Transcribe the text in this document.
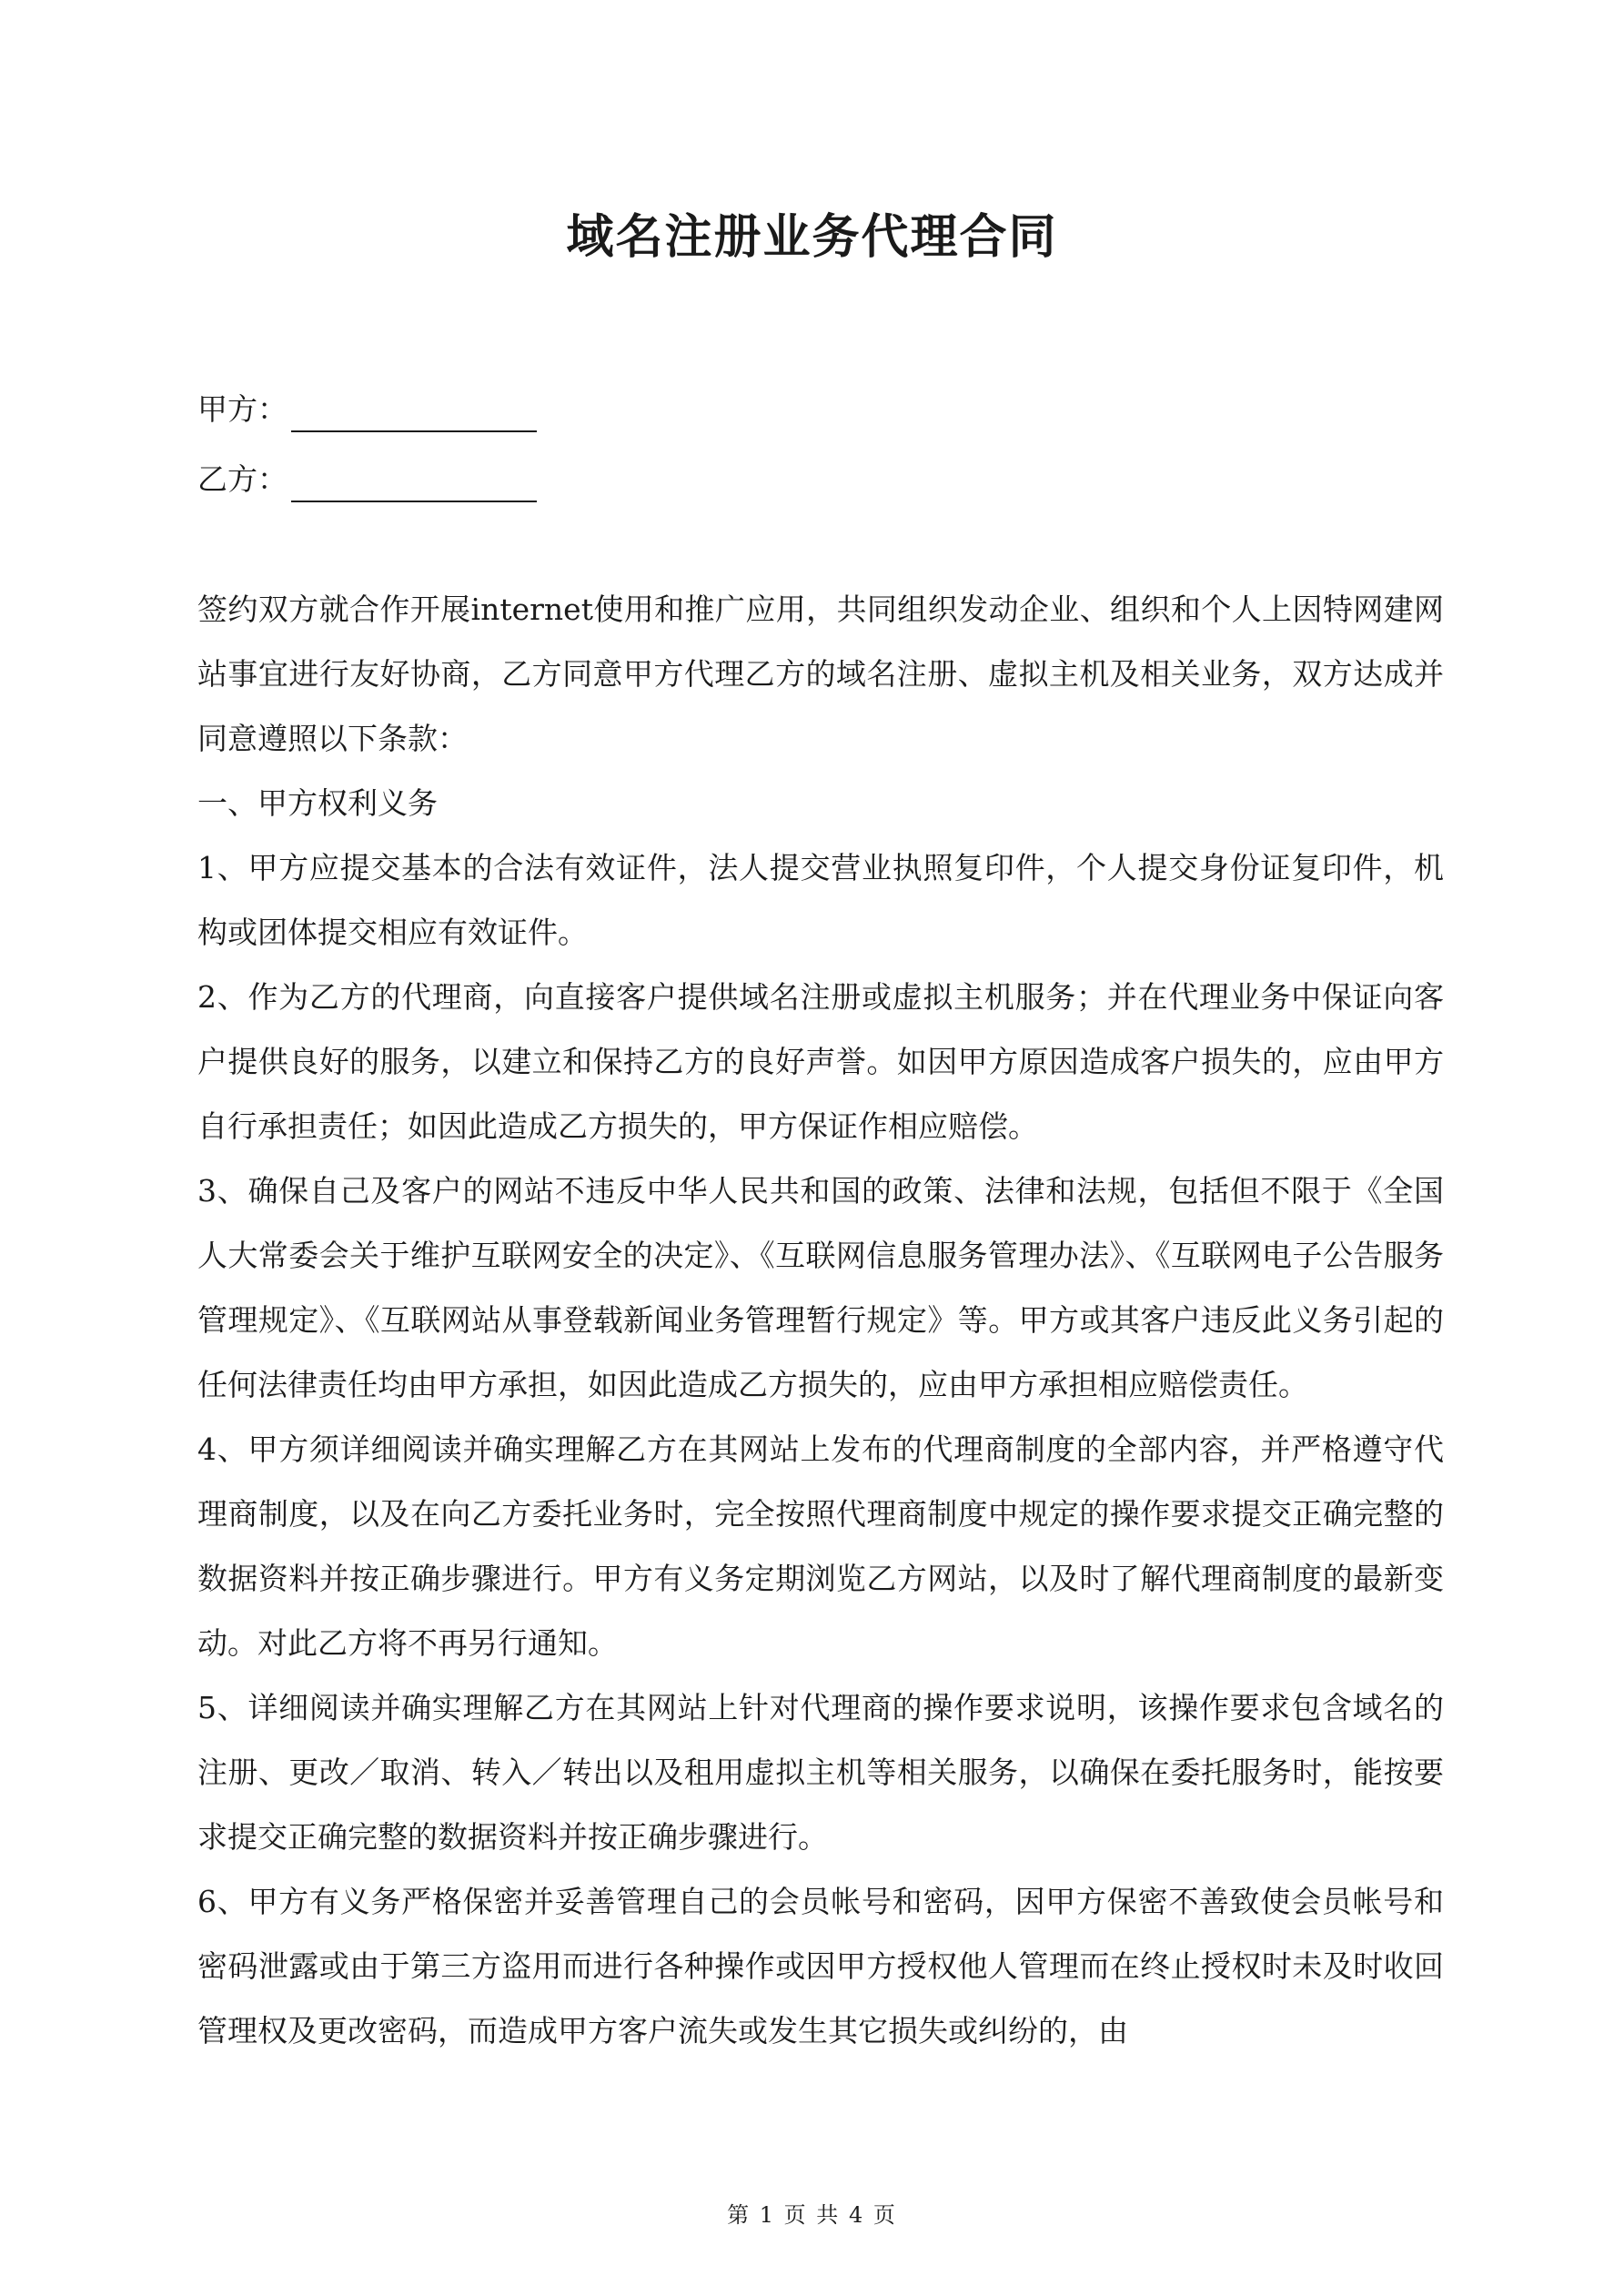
域名注册业务代理合同
甲方：
乙方：

签约双方就合作开展internet使用和推广应用，共同组织发动企业、组织和个人上因特网建网站事宜进行友好协商，乙方同意甲方代理乙方的域名注册、虚拟主机及相关业务，双方达成并同意遵照以下条款：

一、甲方权利义务

1、甲方应提交基本的合法有效证件，法人提交营业执照复印件，个人提交身份证复印件，机构或团体提交相应有效证件。

2、作为乙方的代理商，向直接客户提供域名注册或虚拟主机服务；并在代理业务中保证向客户提供良好的服务，以建立和保持乙方的良好声誉。如因甲方原因造成客户损失的，应由甲方自行承担责任；如因此造成乙方损失的，甲方保证作相应赔偿。

3、确保自己及客户的网站不违反中华人民共和国的政策、法律和法规，包括但不限于《全国人大常委会关于维护互联网安全的决定》、《互联网信息服务管理办法》、《互联网电子公告服务管理规定》、《互联网站从事登载新闻业务管理暂行规定》等。甲方或其客户违反此义务引起的任何法律责任均由甲方承担，如因此造成乙方损失的，应由甲方承担相应赔偿责任。

4、甲方须详细阅读并确实理解乙方在其网站上发布的代理商制度的全部内容，并严格遵守代理商制度，以及在向乙方委托业务时，完全按照代理商制度中规定的操作要求提交正确完整的数据资料并按正确步骤进行。甲方有义务定期浏览乙方网站，以及时了解代理商制度的最新变动。对此乙方将不再另行通知。

5、详细阅读并确实理解乙方在其网站上针对代理商的操作要求说明，该操作要求包含域名的注册、更改／取消、转入／转出以及租用虚拟主机等相关服务，以确保在委托服务时，能按要求提交正确完整的数据资料并按正确步骤进行。

6、甲方有义务严格保密并妥善管理自己的会员帐号和密码，因甲方保密不善致使会员帐号和密码泄露或由于第三方盗用而进行各种操作或因甲方授权他人管理而在终止授权时未及时收回管理权及更改密码，而造成甲方客户流失或发生其它损失或纠纷的，由

第 1 页 共 4 页
